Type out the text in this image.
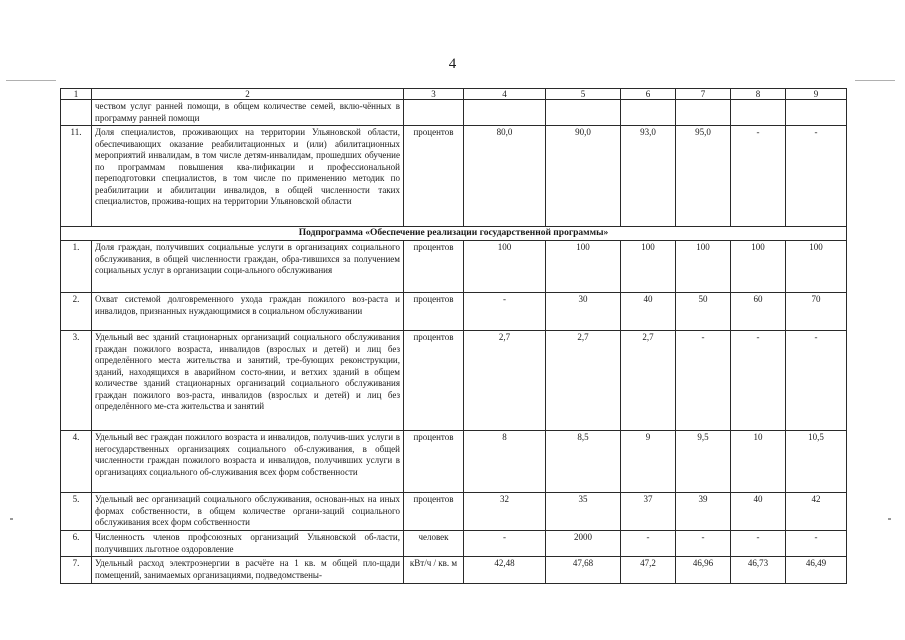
4
1	2	3	4	5	6	7	8	9
	чеством услуг ранней помощи, в общем количестве семей, вклю-чённых в программу ранней помощи							
11.	Доля специалистов, проживающих на территории Ульяновской области, обеспечивающих оказание реабилитационных и (или) абилитационных мероприятий инвалидам, в том числе детям-инвалидам, прошедших обучение по программам повышения ква-лификации и профессиональной переподготовки специалистов, в том числе по применению методик по реабилитации и абилитации инвалидов, в общей численности таких специалистов, прожива-ющих на территории Ульяновской области	процентов	80,0	90,0	93,0	95,0	-	-
Подпрограмма «Обеспечение реализации государственной программы»								
1.	Доля граждан, получивших социальные услуги в организациях социального обслуживания, в общей численности граждан, обра-тившихся за получением социальных услуг в организации соци-ального обслуживания	процентов	100	100	100	100	100	100
2.	Охват системой долговременного ухода граждан пожилого воз-раста и инвалидов, признанных нуждающимися в социальном обслуживании	процентов	-	30	40	50	60	70
3.	Удельный вес зданий стационарных организаций социального обслуживания граждан пожилого возраста, инвалидов (взрослых и детей) и лиц без определённого места жительства и занятий, тре-бующих реконструкции, зданий, находящихся в аварийном состо-янии, и ветхих зданий в общем количестве зданий стационарных организаций социального обслуживания граждан пожилого воз-раста, инвалидов (взрослых и детей) и лиц без определённого ме-ста жительства и занятий	процентов	2,7	2,7	2,7	-	-	-
4.	Удельный вес граждан пожилого возраста и инвалидов, получив-ших услуги в негосударственных организациях социального об-служивания, в общей численности граждан пожилого возраста и инвалидов, получивших услуги в организациях социального об-служивания всех форм собственности	процентов	8	8,5	9	9,5	10	10,5
5.	Удельный вес организаций социального обслуживания, основан-ных на иных формах собственности, в общем количестве органи-заций социального обслуживания всех форм собственности	процентов	32	35	37	39	40	42
6.	Численность членов профсоюзных организаций Ульяновской об-ласти, получивших льготное оздоровление	человек	-	2000	-	-	-	-
7.	Удельный расход электроэнергии в расчёте на 1 кв. м общей пло-щади помещений, занимаемых организациями, подведомствены-	кВт/ч / кв. м	42,48	47,68	47,2	46,96	46,73	46,49
